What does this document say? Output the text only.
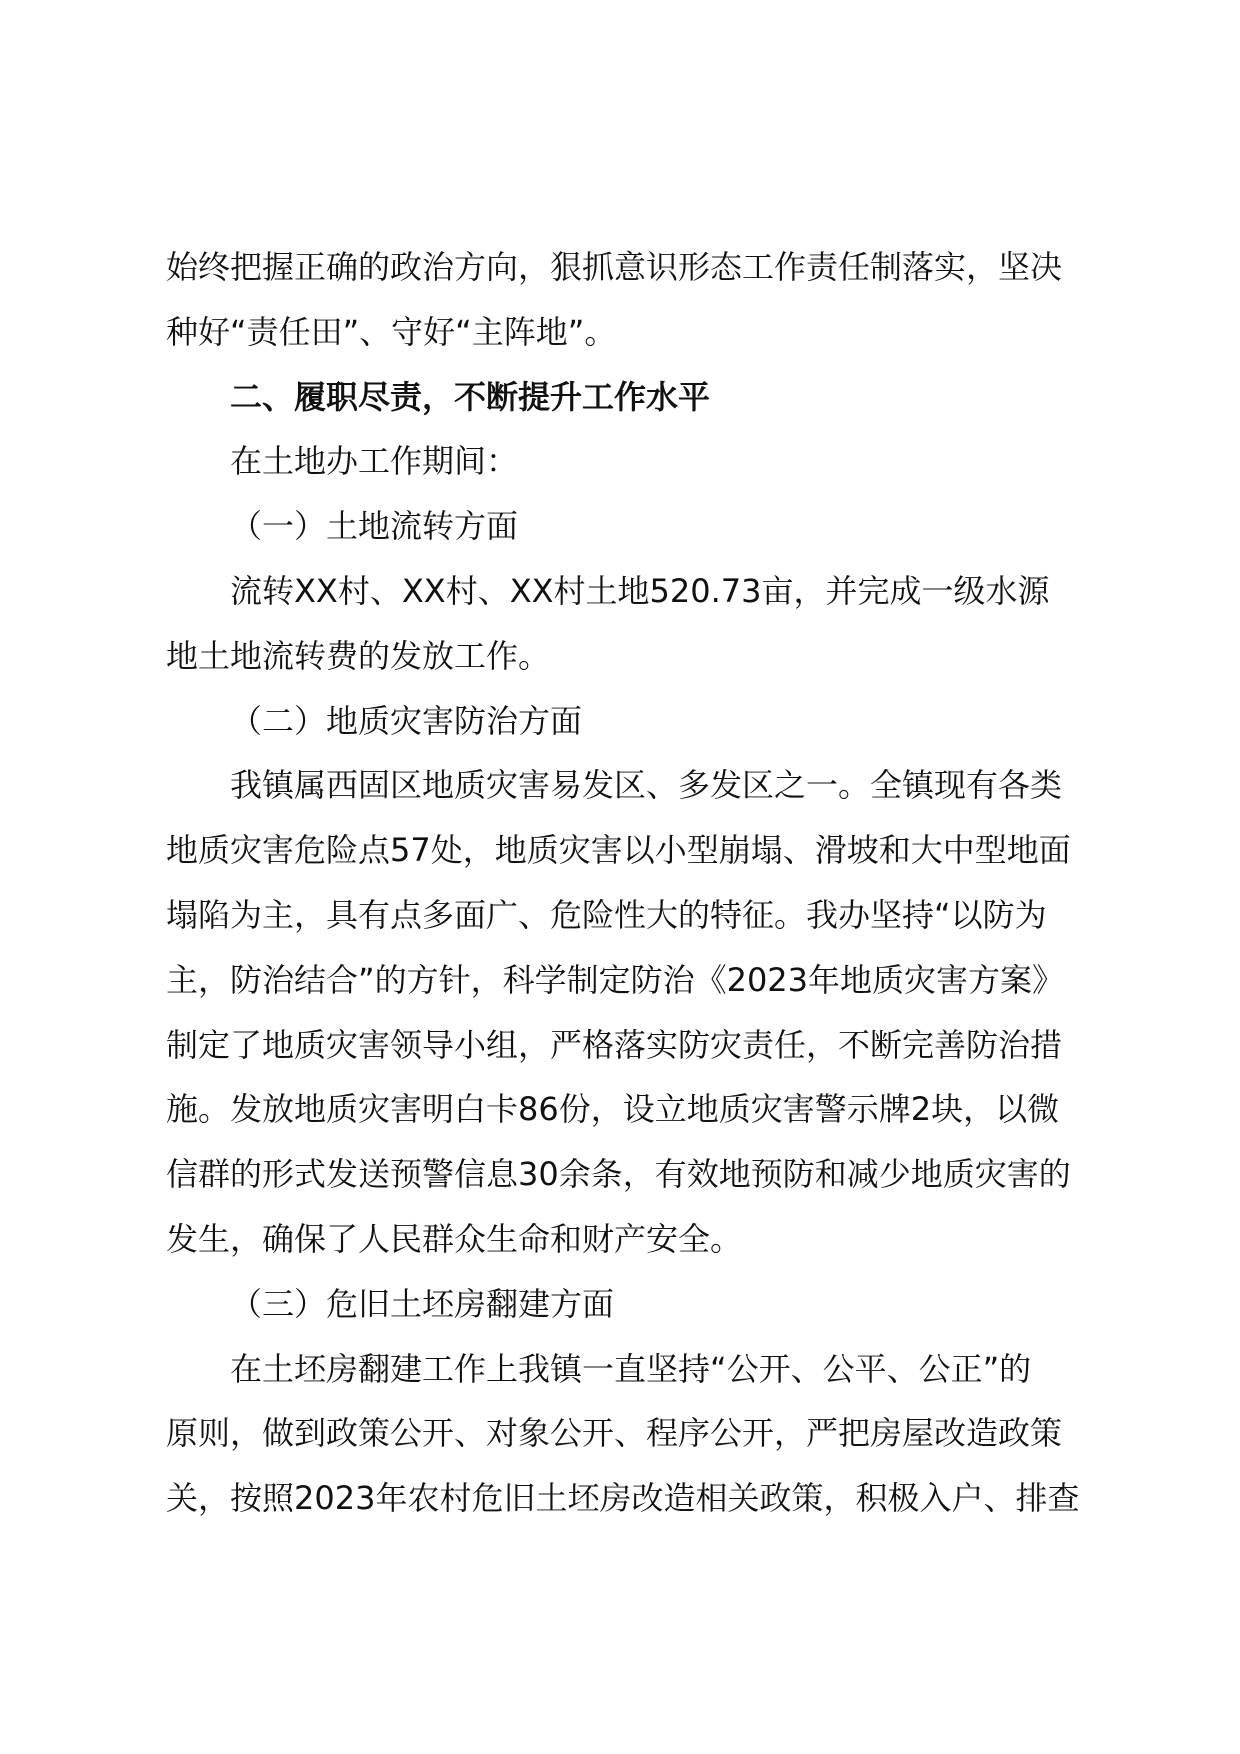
始终把握正确的政治方向，狠抓意识形态工作责任制落实，坚决

种好“责任田”、守好“主阵地”。

二、履职尽责，不断提升工作水平

在土地办工作期间：

（一）土地流转方面

流转XX村、XX村、XX村土地520.73亩，并完成一级水源

地土地流转费的发放工作。

（二）地质灾害防治方面

我镇属西固区地质灾害易发区、多发区之一。全镇现有各类

地质灾害危险点57处，地质灾害以小型崩塌、滑坡和大中型地面

塌陷为主，具有点多面广、危险性大的特征。我办坚持“以防为

主，防治结合”的方针，科学制定防治《2023年地质灾害方案》

制定了地质灾害领导小组，严格落实防灾责任，不断完善防治措

施。发放地质灾害明白卡86份，设立地质灾害警示牌2块，以微

信群的形式发送预警信息30余条，有效地预防和减少地质灾害的

发生，确保了人民群众生命和财产安全。

（三）危旧土坯房翻建方面

在土坯房翻建工作上我镇一直坚持“公开、公平、公正”的

原则，做到政策公开、对象公开、程序公开，严把房屋改造政策

关，按照2023年农村危旧土坯房改造相关政策，积极入户、排查
